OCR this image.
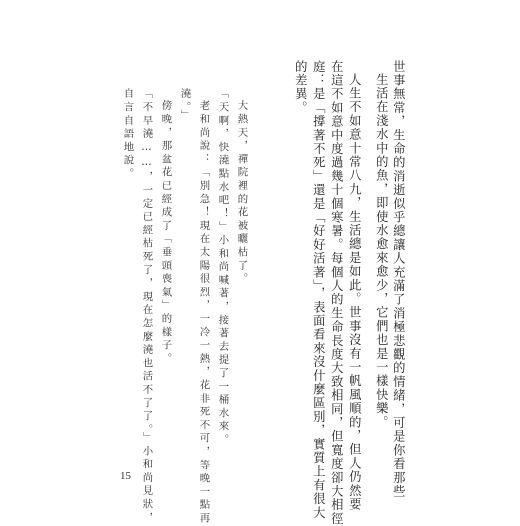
世事無常，生命的消逝似乎總讓人充滿了消極悲觀的情緒，可是你看那些
生活在淺水中的魚，即使水愈來愈少，它們也是一樣快樂。
人生不如意十常八九，生活總是如此。世事沒有一帆風順的，但人仍然要
在這不如意中度過幾十個寒暑。每個人的生命長度大致相同，但寬度卻大相徑
庭：是「撐著不死」還是「好好活著」，表面看來沒什麼區別，實質上有很大
的差異。
大熱天，禪院裡的花被曬枯了。
「天啊，快澆點水吧！」小和尚喊著，接著去提了一桶水來。
老和尚說：「別急！現在太陽很烈，一冷一熱，花非死不可，等晚一點再
澆。」
傍晚，那盆花已經成了「垂頭喪氣」的樣子。
「不早澆……，一定已經枯死了，現在怎麼澆也活不了了。」小和尚見狀，
自言自語地說。
15
